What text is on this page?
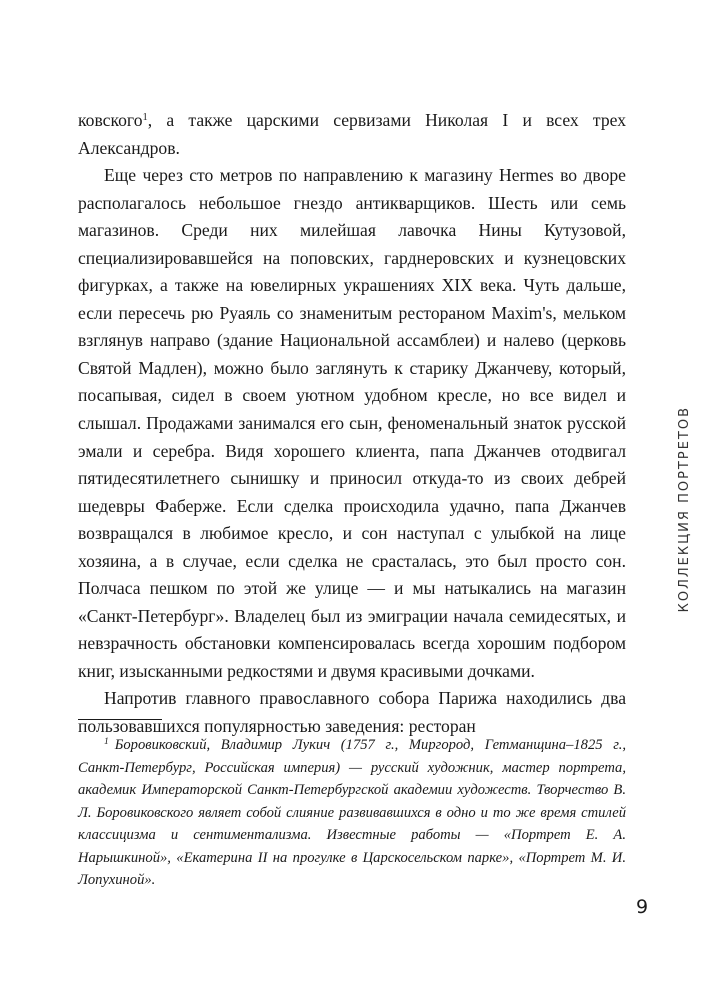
ковского$^1$, а также царскими сервизами Николая I и всех трех Александров.

Еще через сто метров по направлению к магазину Hermes во дворе располагалось небольшое гнездо антикварщиков. Шесть или семь магазинов. Среди них милейшая лавочка Нины Кутузовой, специализировавшейся на поповских, гарднеровских и кузнецовских фигурках, а также на ювелирных украшениях XIX века. Чуть дальше, если пересечь рю Руаяль со знаменитым рестораном Maxim's, мельком взглянув направо (здание Национальной ассамблеи) и налево (церковь Святой Мадлен), можно было заглянуть к старику Джанчеву, который, посапывая, сидел в своем уютном удобном кресле, но все видел и слышал. Продажами занимался его сын, феноменальный знаток русской эмали и серебра. Видя хорошего клиента, папа Джанчев отодвигал пятидесятилетнего сынишку и приносил откуда-то из своих дебрей шедевры Фаберже. Если сделка происходила удачно, папа Джанчев возвращался в любимое кресло, и сон наступал с улыбкой на лице хозяина, а в случае, если сделка не срасталась, это был просто сон. Полчаса пешком по этой же улице — и мы натыкались на магазин «Санкт-Петербург». Владелец был из эмиграции начала семидесятых, и невзрачность обстановки компенсировалась всегда хорошим подбором книг, изысканными редкостями и двумя красивыми дочками.

Напротив главного православного собора Парижа находились два пользовавшихся популярностью заведения: ресторан

$^1$ Боровиковский, Владимир Лукич (1757 г., Миргород, Гетманщина–1825 г., Санкт-Петербург, Российская империя) — русский художник, мастер портрета, академик Императорской Санкт-Петербургской академии художеств. Творчество В. Л. Боровиковского являет собой слияние развивавшихся в одно и то же время стилей классицизма и сентиментализма. Известные работы — «Портрет Е. А. Нарышкиной», «Екатерина II на прогулке в Царскосельском парке», «Портрет М. И. Лопухиной».

КОЛЛЕКЦИЯ ПОРТРЕТОВ
9
